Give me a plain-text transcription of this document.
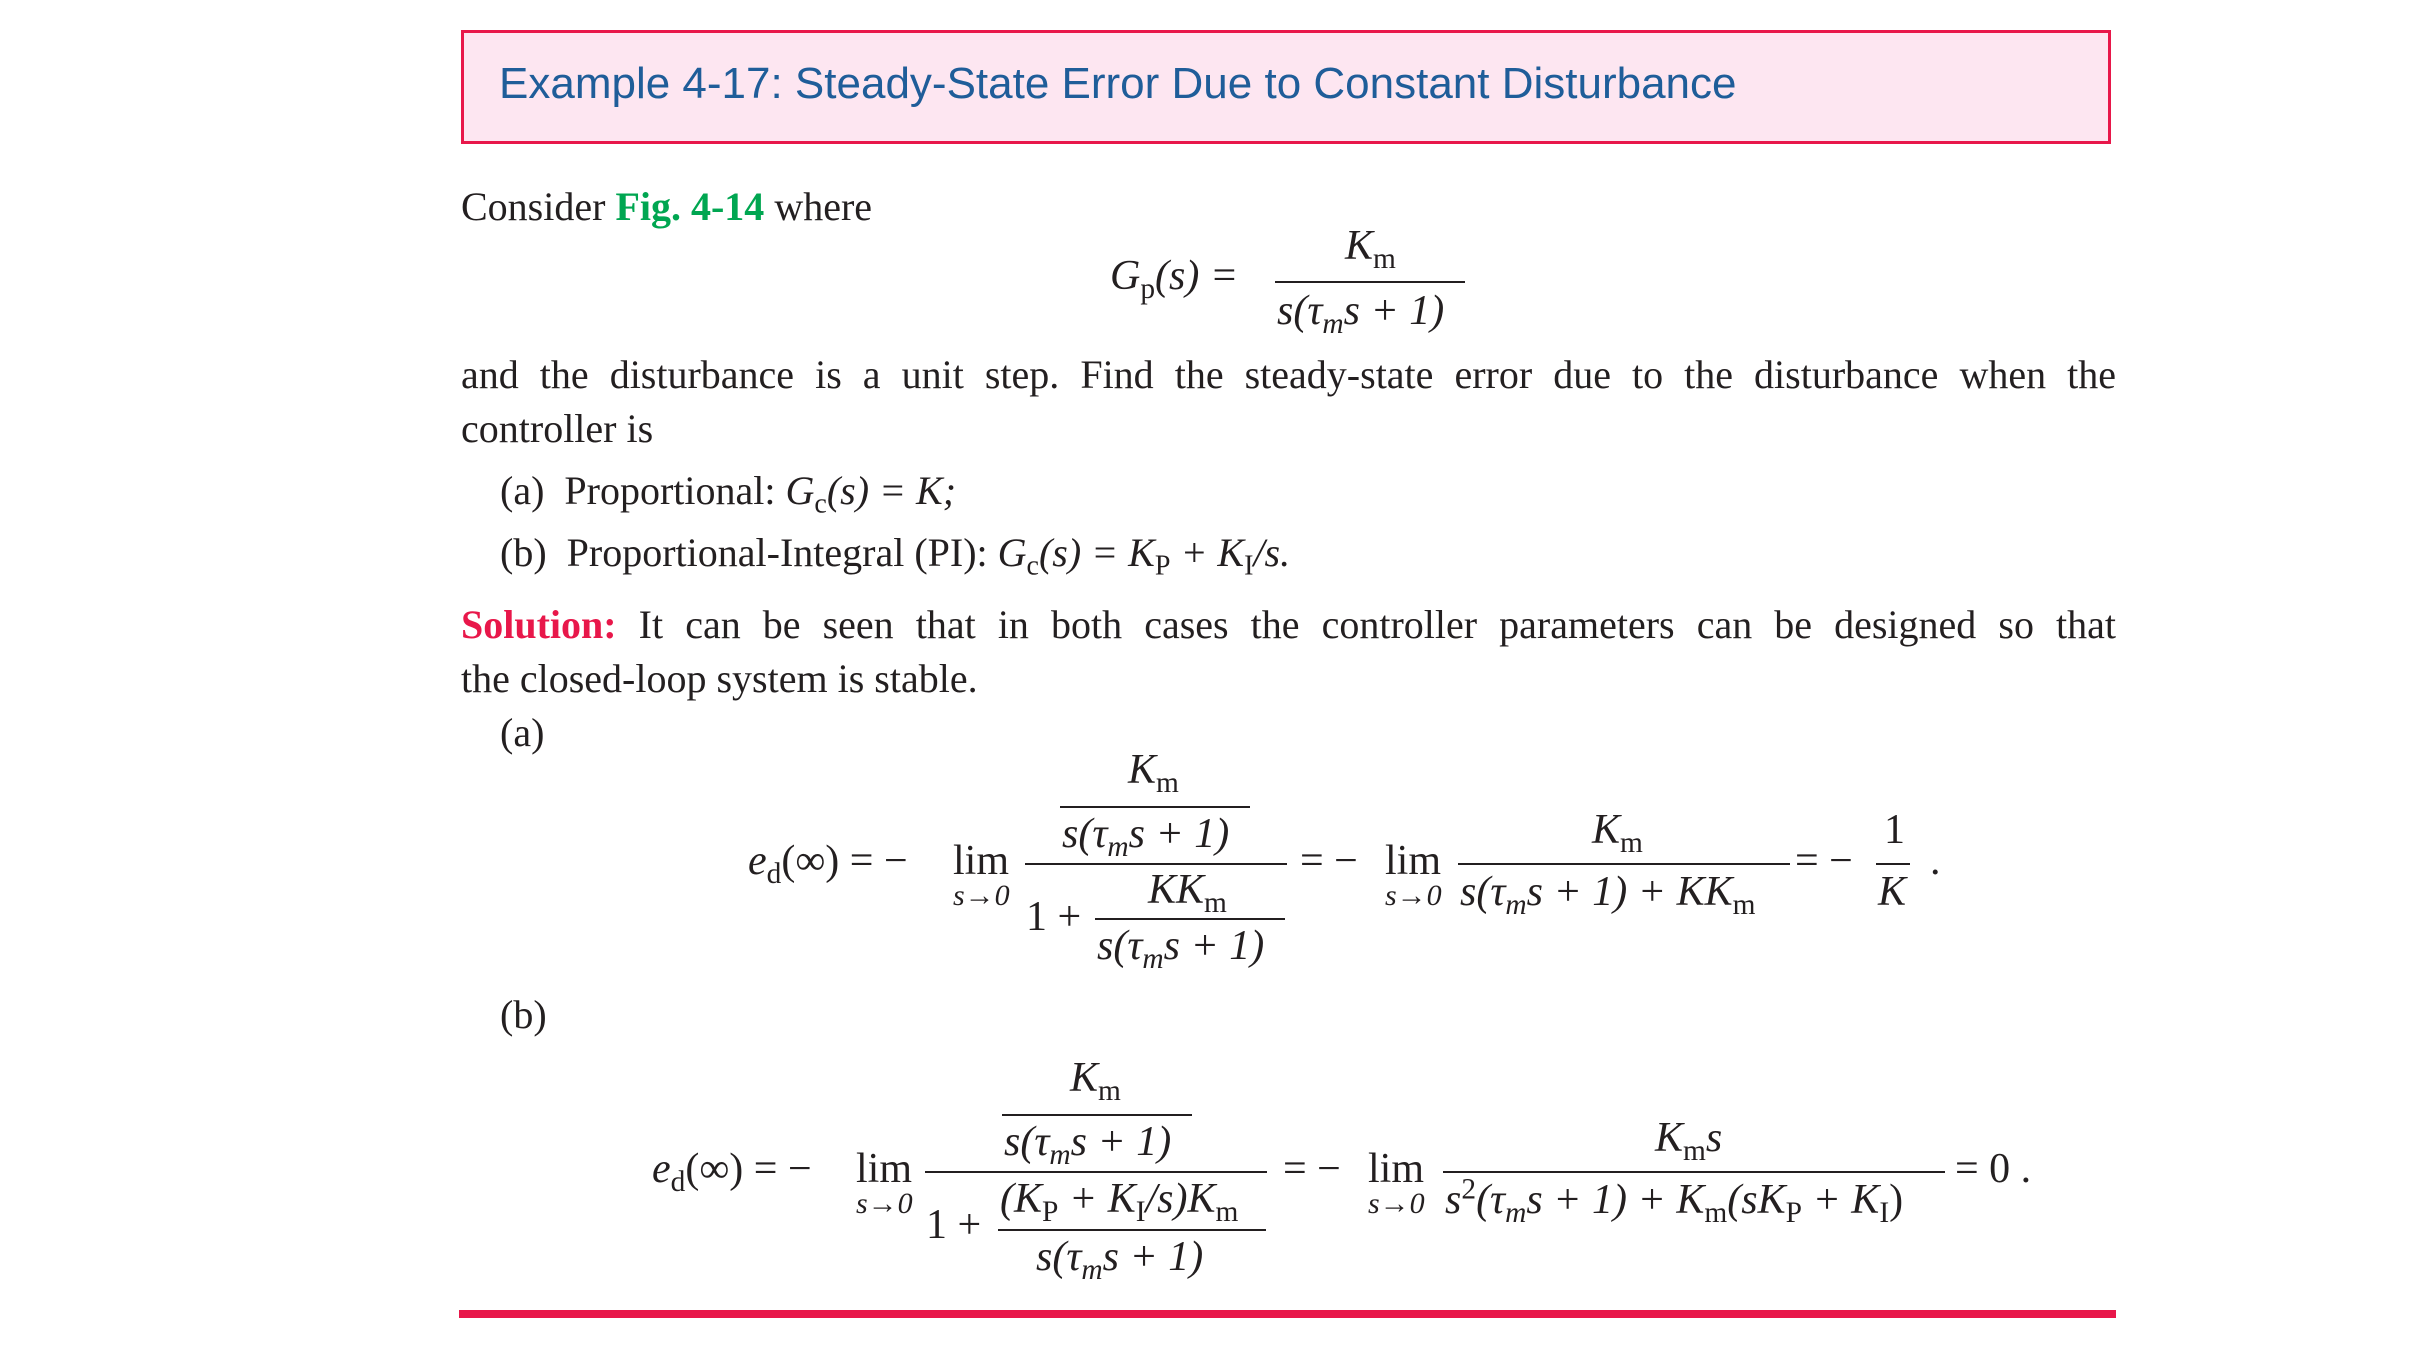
Example 4-17: Steady-State Error Due to Constant Disturbance
Consider Fig. 4-14 where
$G_p(s)$ =
$K_m$
$s(\tau_ms + 1)$
and the disturbance is a unit step. Find the steady-state error due to the disturbance when the
controller is
(a) Proportional: $G_c(s) = K$;
(b) Proportional-Integral (PI): $G_c(s) = K_P + K_I/s$.
Solution: It can be seen that in both cases the controller parameters can be designed so that
the closed-loop system is stable.
(a)
$e_d(\infty)$ = − lim
s→0
$K_m$
$s(\tau_ms + 1)$
1 +
$KK_m$
$s(\tau_ms + 1)$
= − lim
s→0
$K_m$
$s(\tau_ms + 1) + KK_m$
= −
1
K
.
(b)
$e_d(\infty)$ = − lim
s→0
$K_m$
$s(\tau_ms + 1)$
1 +
$(K_P + K_I/s)K_m$
$s(\tau_ms + 1)$
= − lim
s→0
$K_ms$
$s^2(\tau_ms + 1) + K_m(sK_P + K_I)$
= 0 .
